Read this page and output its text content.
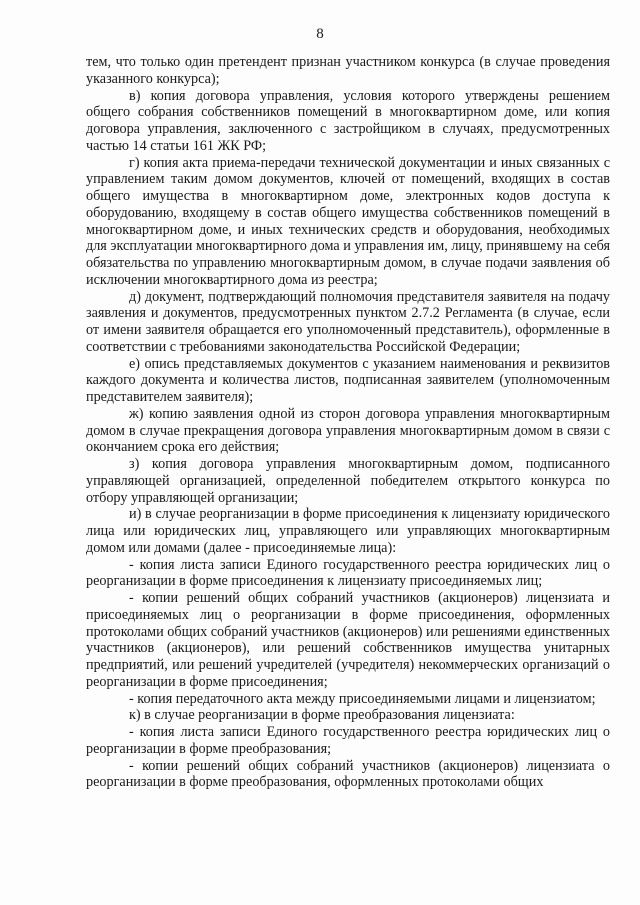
8

тем, что только один претендент признан участником конкурса (в случае проведения указанного конкурса);

в) копия договора управления, условия которого утверждены решением общего собрания собственников помещений в многоквартирном доме, или копия договора управления, заключенного с застройщиком в случаях, предусмотренных частью 14 статьи 161 ЖК РФ;

г) копия акта приема-передачи технической документации и иных связанных с управлением таким домом документов, ключей от помещений, входящих в состав общего имущества в многоквартирном доме, электронных кодов доступа к оборудованию, входящему в состав общего имущества собственников помещений в многоквартирном доме, и иных технических средств и оборудования, необходимых для эксплуатации многоквартирного дома и управления им, лицу, принявшему на себя обязательства по управлению многоквартирным домом, в случае подачи заявления об исключении многоквартирного дома из реестра;

д) документ, подтверждающий полномочия представителя заявителя на подачу заявления и документов, предусмотренных пунктом 2.7.2 Регламента (в случае, если от имени заявителя обращается его уполномоченный представитель), оформленные в соответствии с требованиями законодательства Российской Федерации;

е) опись представляемых документов с указанием наименования и реквизитов каждого документа и количества листов, подписанная заявителем (уполномоченным представителем заявителя);

ж) копию заявления одной из сторон договора управления многоквартирным домом в случае прекращения договора управления многоквартирным домом в связи с окончанием срока его действия;

з) копия договора управления многоквартирным домом, подписанного управляющей организацией, определенной победителем открытого конкурса по отбору управляющей организации;

и) в случае реорганизации в форме присоединения к лицензиату юридического лица или юридических лиц, управляющего или управляющих многоквартирным домом или домами (далее - присоединяемые лица):

- копия листа записи Единого государственного реестра юридических лиц о реорганизации в форме присоединения к лицензиату присоединяемых лиц;

- копии решений общих собраний участников (акционеров) лицензиата и присоединяемых лиц о реорганизации в форме присоединения, оформленных протоколами общих собраний участников (акционеров) или решениями единственных участников (акционеров), или решений собственников имущества унитарных предприятий, или решений учредителей (учредителя) некоммерческих организаций о реорганизации в форме присоединения;

- копия передаточного акта между присоединяемыми лицами и лицензиатом;

к) в случае реорганизации в форме преобразования лицензиата:

- копия листа записи Единого государственного реестра юридических лиц о реорганизации в форме преобразования;

- копии решений общих собраний участников (акционеров) лицензиата о реорганизации в форме преобразования, оформленных протоколами общих
